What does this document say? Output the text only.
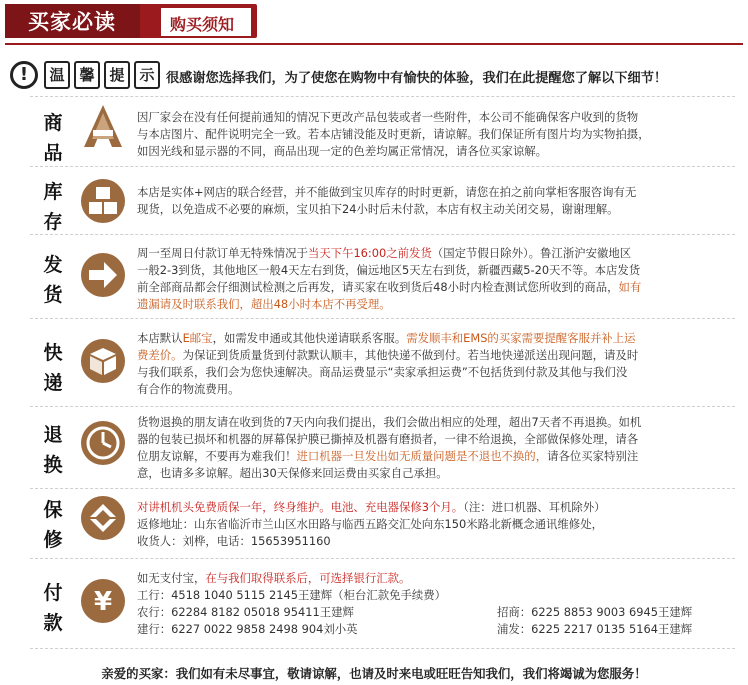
买家必读	购买须知
!	温 馨 提 示 很感谢您选择我们，为了使您在购物中有愉快的体验，我们在此提醒您了解以下细节！
商
品
因厂家会在没有任何提前通知的情况下更改产品包装或者一些附件，本公司不能确保客户收到的货物
与本店图片、配件说明完全一致。若本店铺没能及时更新，请谅解。我们保证所有图片均为实物拍摄，
如因光线和显示器的不同，商品出现一定的色差均属正常情况，请各位买家谅解。
库
存
本店是实体+网店的联合经营，并不能做到宝贝库存的时时更新，请您在拍之前向掌柜客服咨询有无
现货，以免造成不必要的麻烦，宝贝拍下24小时后未付款，本店有权主动关闭交易，谢谢理解。
发
货
周一至周日付款订单无特殊情况于当天下午16:00之前发货（国定节假日除外）。鲁江浙沪安徽地区
一般2-3到货，其他地区一般4天左右到货，偏远地区5天左右到货，新疆西藏5-20天不等。本店发货
前全部商品都会仔细测试检测之后再发，请买家在收到货后48小时内检查测试您所收到的商品，如有
遗漏请及时联系我们，超出48小时本店不再受理。
快
递
本店默认E邮宝，如需发申通或其他快递请联系客服。需发顺丰和EMS的买家需要提醒客服并补上运
费差价。为保证到货质量货到付款默认顺丰，其他快递不做到付。若当地快递派送出现问题，请及时
与我们联系，我们会为您快速解决。商品运费显示“卖家承担运费”不包括货到付款及其他与我们没
有合作的物流费用。
退
换
货物退换的朋友请在收到货的7天内向我们提出，我们会做出相应的处理，超出7天者不再退换。如机
器的包装已损坏和机器的屏幕保护膜已撕掉及机器有磨损者，一律不给退换，全部做保修处理，请各
位朋友谅解，不要再为难我们！进口机器一旦发出如无质量问题是不退也不换的，请各位买家特别注
意，也请多多谅解。超出30天保修来回运费由买家自己承担。
保
修
对讲机机头免费质保一年，终身维护。电池、充电器保修3个月。（注：进口机器、耳机除外）
返修地址：山东省临沂市兰山区水田路与临西五路交汇处向东150米路北新概念通讯维修处，
收货人：刘桦，电话：15653951160
付
款
¥
如无支付宝，在与我们取得联系后，可选择银行汇款。
工行：4518 1040 5115 2145王建辉（柜台汇款免手续费）
农行：62284 8182 05018 95411王建辉	招商：6225 8853 9003 6945王建辉
建行：6227 0022 9858 2498 904刘小英	浦发：6225 2217 0135 5164王建辉
亲爱的买家：我们如有未尽事宜，敬请谅解，也请及时来电或旺旺告知我们，我们将竭诚为您服务！
